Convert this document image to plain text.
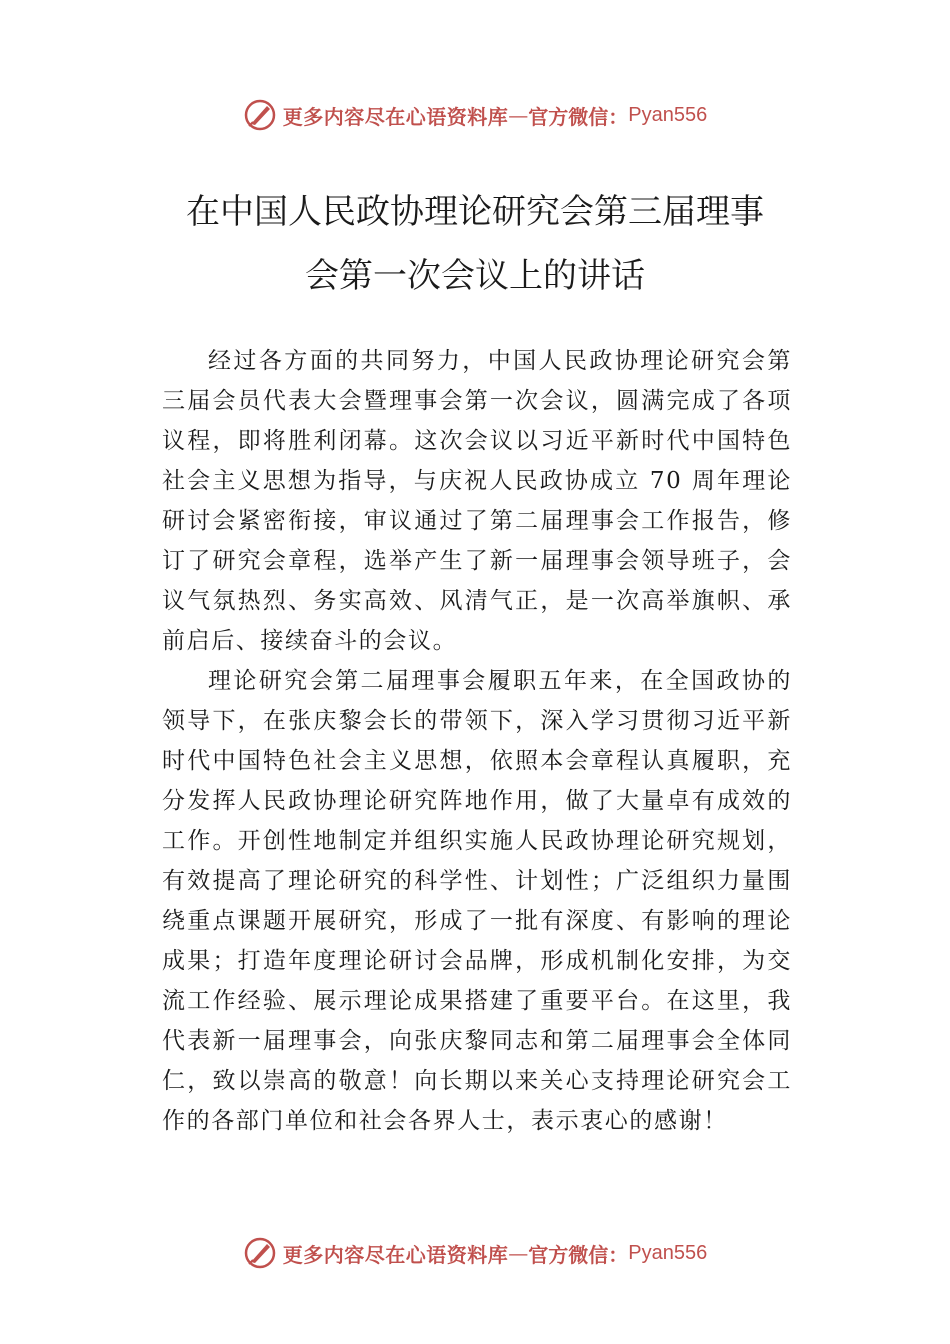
更多内容尽在心语资料库 — 官方微信： Pyan556
在中国人民政协理论研究会第三届理事
会第一次会议上的讲话

经过各方面的共同努力，中国人民政协理论研究会第三届会员代表大会暨理事会第一次会议，圆满完成了各项议程，即将胜利闭幕。这次会议以习近平新时代中国特色社会主义思想为指导，与庆祝人民政协成立 70 周年理论研讨会紧密衔接，审议通过了第二届理事会工作报告，修订了研究会章程，选举产生了新一届理事会领导班子，会议气氛热烈、务实高效、风清气正，是一次高举旗帜、承前启后、接续奋斗的会议。

理论研究会第二届理事会履职五年来，在全国政协的领导下，在张庆黎会长的带领下，深入学习贯彻习近平新时代中国特色社会主义思想，依照本会章程认真履职，充分发挥人民政协理论研究阵地作用，做了大量卓有成效的工作。开创性地制定并组织实施人民政协理论研究规划， 有效提高了理论研究的科学性、计划性；广泛组织力量围绕重点课题开展研究，形成了一批有深度、有影响的理论成果；打造年度理论研讨会品牌，形成机制化安排，为交流工作经验、展示理论成果搭建了重要平台。在这里，我代表新一届理事会，向张庆黎同志和第二届理事会全体同仁，致以崇高的敬意！向长期以来关心支持理论研究会工作的各部门单位和社会各界人士，表示衷心的感谢！

更多内容尽在心语资料库 — 官方微信： Pyan556
